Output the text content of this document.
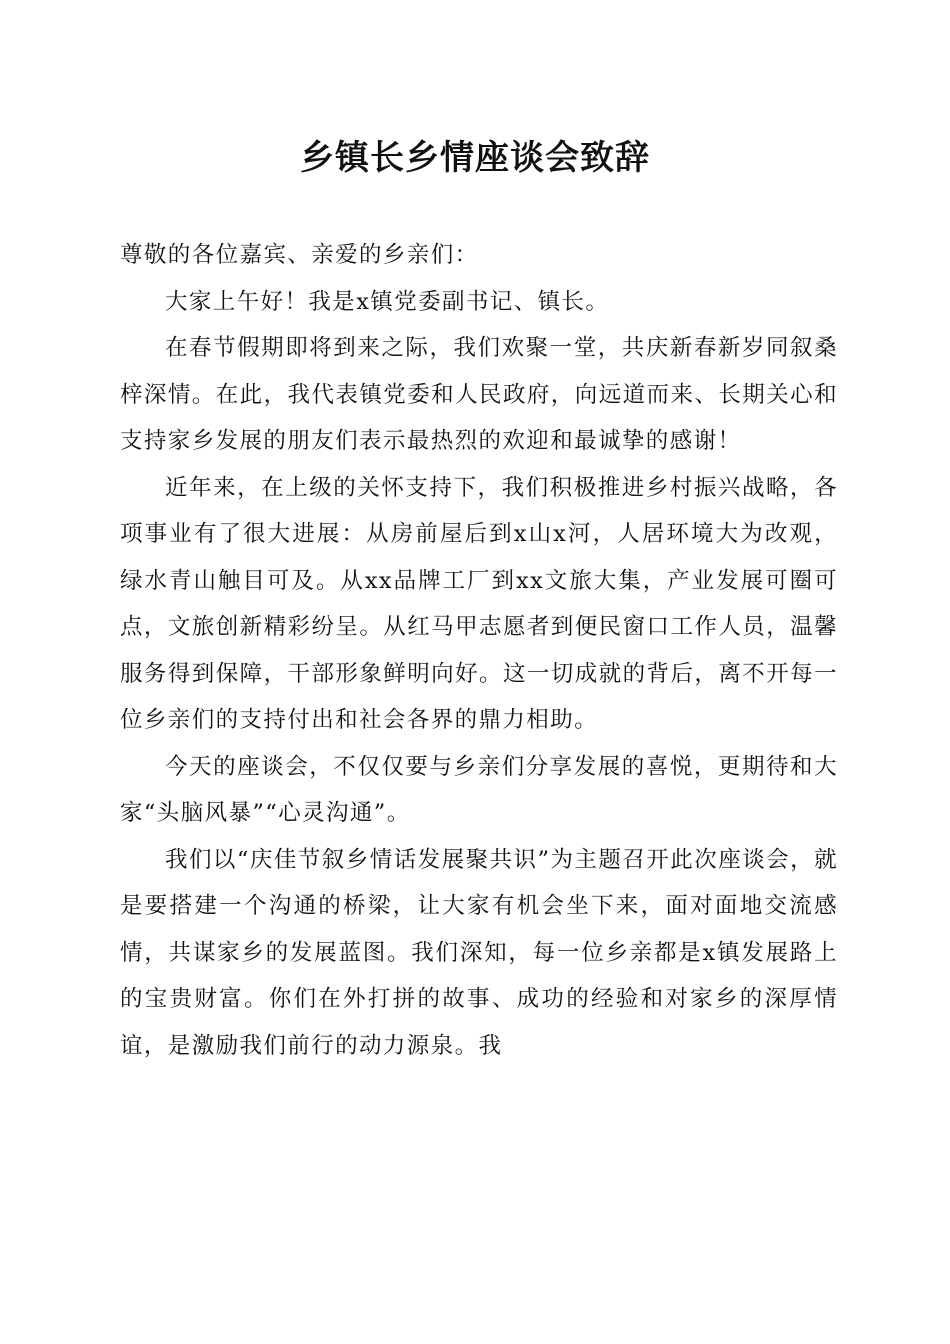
乡镇长乡情座谈会致辞

尊敬的各位嘉宾、亲爱的乡亲们：

大家上午好！我是x镇党委副书记、镇长。

在春节假期即将到来之际，我们欢聚一堂，共庆新春新岁同叙桑梓深情。在此，我代表镇党委和人民政府，向远道而来、长期关心和支持家乡发展的朋友们表示最热烈的欢迎和最诚挚的感谢！

近年来，在上级的关怀支持下，我们积极推进乡村振兴战略，各项事业有了很大进展：从房前屋后到x山x河，人居环境大为改观，绿水青山触目可及。从xx品牌工厂到xx文旅大集，产业发展可圈可点，文旅创新精彩纷呈。从红马甲志愿者到便民窗口工作人员，温馨服务得到保障，干部形象鲜明向好。这一切成就的背后，离不开每一位乡亲们的支持付出和社会各界的鼎力相助。

今天的座谈会，不仅仅要与乡亲们分享发展的喜悦，更期待和大家“头脑风暴”“心灵沟通”。

我们以“庆佳节叙乡情话发展聚共识”为主题召开此次座谈会，就是要搭建一个沟通的桥梁，让大家有机会坐下来，面对面地交流感情，共谋家乡的发展蓝图。我们深知，每一位乡亲都是x镇发展路上的宝贵财富。你们在外打拼的故事、成功的经验和对家乡的深厚情谊，是激励我们前行的动力源泉。我
